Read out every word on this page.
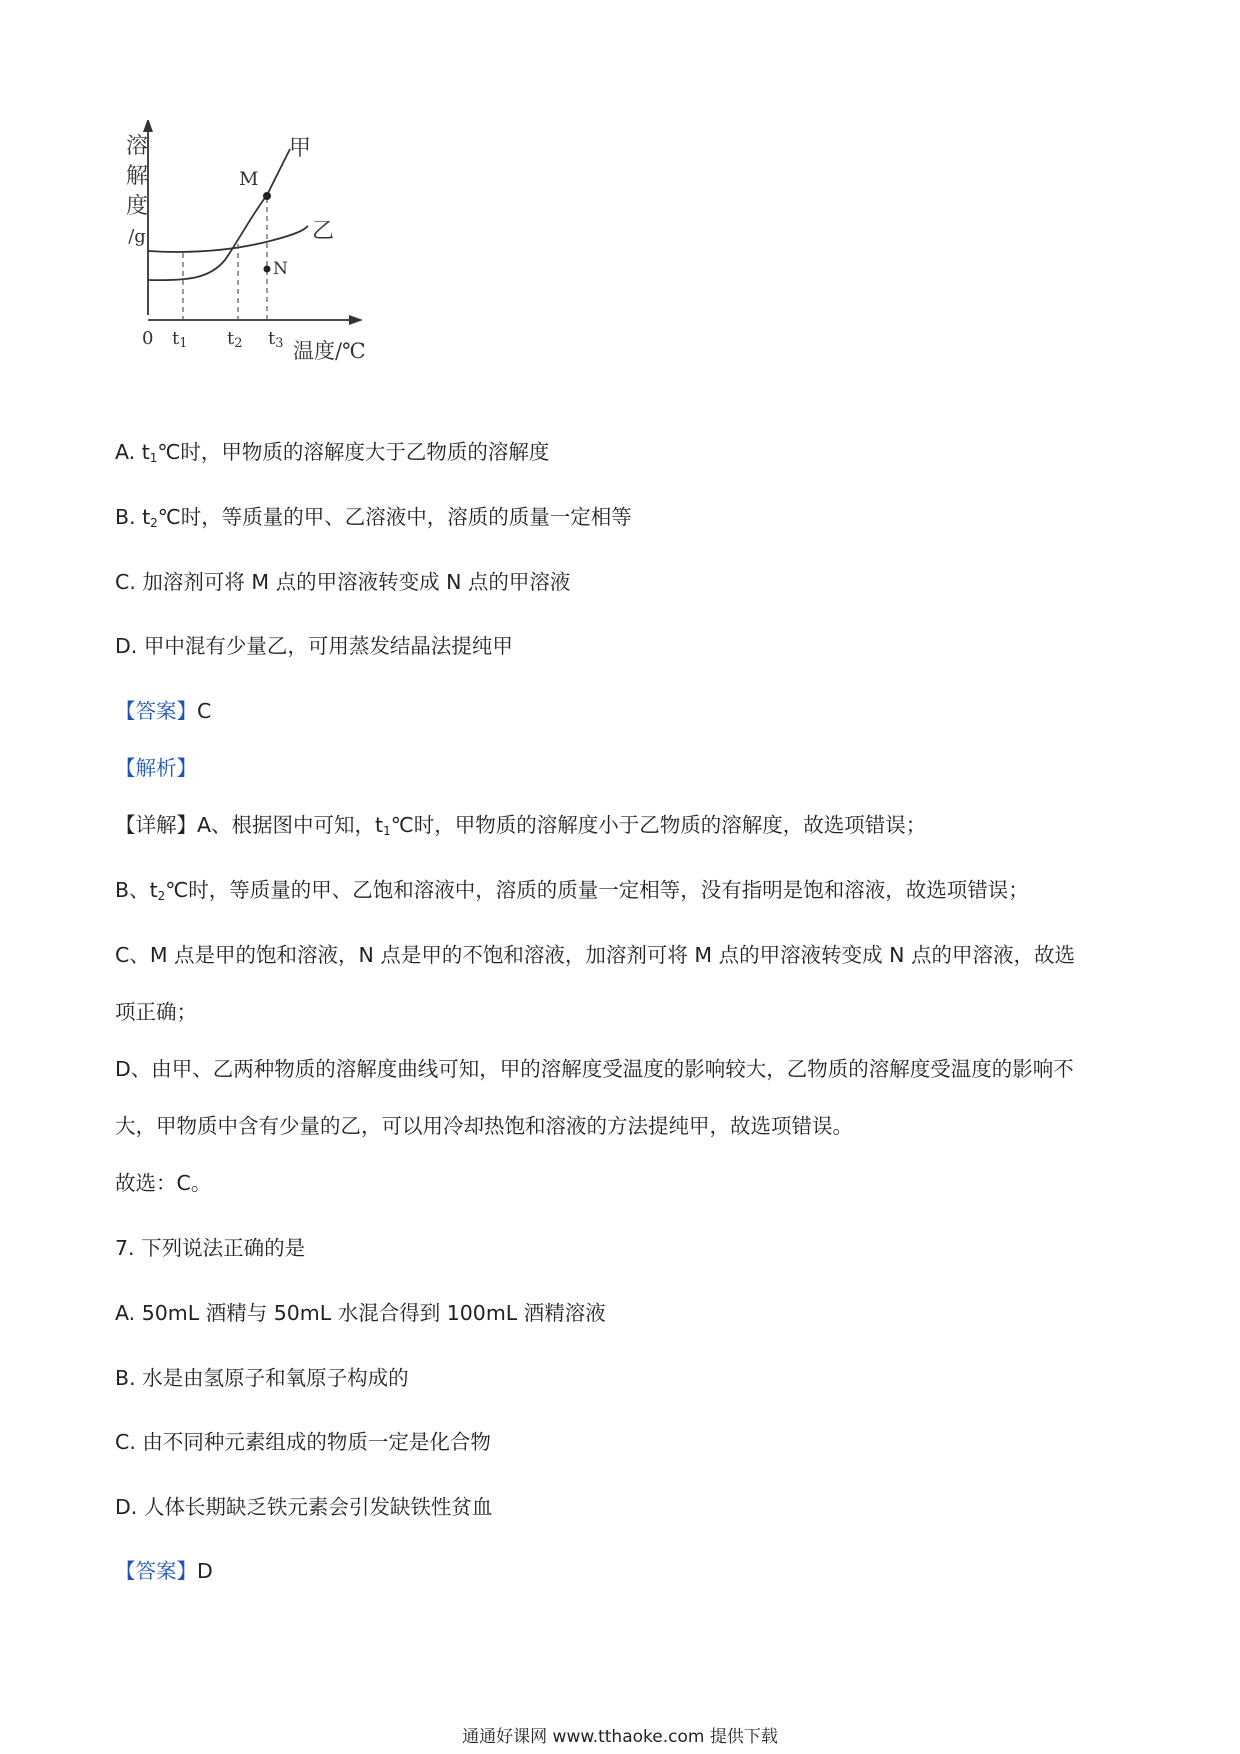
溶
解
度
/g
甲
乙
M
N
0 $t_1$ $t_2$ $t_3$ 温度/℃
A. $t_1℃$时，甲物质的溶解度大于乙物质的溶解度
B. $t_2℃$时，等质量的甲、乙溶液中，溶质的质量一定相等
C. 加溶剂可将 M 点的甲溶液转变成 N 点的甲溶液
D. 甲中混有少量乙，可用蒸发结晶法提纯甲
【答案】C
【解析】
【详解】A、根据图中可知，$t_1℃$时，甲物质的溶解度小于乙物质的溶解度，故选项错误；
B、$t_2℃$时，等质量的甲、乙饱和溶液中，溶质的质量一定相等，没有指明是饱和溶液，故选项错误；
C、M 点是甲的饱和溶液，N 点是甲的不饱和溶液，加溶剂可将 M 点的甲溶液转变成 N 点的甲溶液，故选
项正确；
D、由甲、乙两种物质的溶解度曲线可知，甲的溶解度受温度的影响较大，乙物质的溶解度受温度的影响不
大，甲物质中含有少量的乙，可以用冷却热饱和溶液的方法提纯甲，故选项错误。
故选：C。
7. 下列说法正确的是
A. 50mL 酒精与 50mL 水混合得到 100mL 酒精溶液
B. 水是由氢原子和氧原子构成的
C. 由不同种元素组成的物质一定是化合物
D. 人体长期缺乏铁元素会引发缺铁性贫血
【答案】D
通通好课网 www.tthaoke.com 提供下载
